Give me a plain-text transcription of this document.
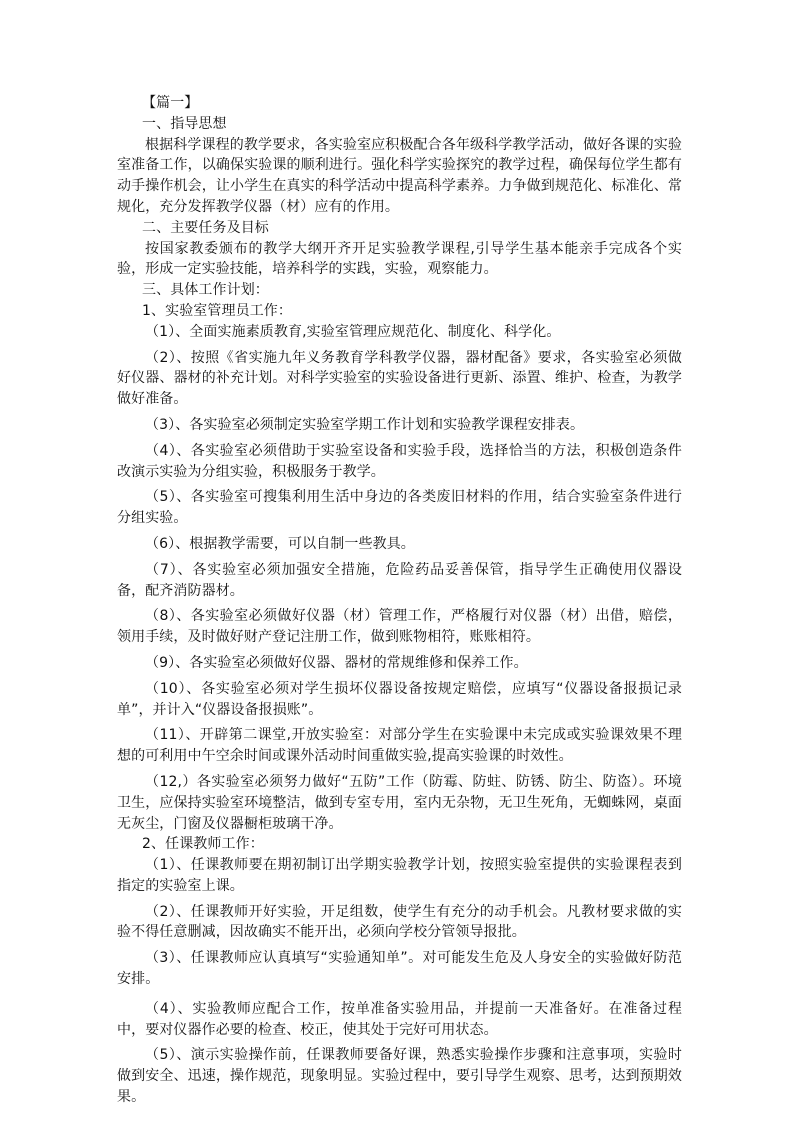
【篇一】

一、指导思想

根据科学课程的教学要求，各实验室应积极配合各年级科学教学活动，做好各课的实验室准备工作，以确保实验课的顺利进行。强化科学实验探究的教学过程，确保每位学生都有动手操作机会，让小学生在真实的科学活动中提高科学素养。力争做到规范化、标准化、常规化，充分发挥教学仪器（材）应有的作用。

二、主要任务及目标

按国家教委颁布的教学大纲开齐开足实验教学课程,引导学生基本能亲手完成各个实验，形成一定实验技能，培养科学的实践，实验，观察能力。

三、具体工作计划：

1、实验室管理员工作：

（1）、全面实施素质教育,实验室管理应规范化、制度化、科学化。

（2）、按照《省实施九年义务教育学科教学仪器，器材配备》要求，各实验室必须做好仪器、器材的补充计划。对科学实验室的实验设备进行更新、添置、维护、检查，为教学做好准备。

（3）、各实验室必须制定实验室学期工作计划和实验教学课程安排表。

（4）、各实验室必须借助于实验室设备和实验手段，选择恰当的方法，积极创造条件改演示实验为分组实验，积极服务于教学。

（5）、各实验室可搜集利用生活中身边的各类废旧材料的作用，结合实验室条件进行分组实验。

（6）、根据教学需要，可以自制一些教具。

（7）、各实验室必须加强安全措施，危险药品妥善保管，指导学生正确使用仪器设备，配齐消防器材。

（8）、各实验室必须做好仪器（材）管理工作，严格履行对仪器（材）出借，赔偿，领用手续，及时做好财产登记注册工作，做到账物相符，账账相符。

（9）、各实验室必须做好仪器、器材的常规维修和保养工作。

（10）、各实验室必须对学生损坏仪器设备按规定赔偿，应填写“仪器设备报损记录单”，并计入“仪器设备报损账”。

（11）、开辟第二课堂,开放实验室：对部分学生在实验课中未完成或实验课效果不理想的可利用中午空余时间或课外活动时间重做实验,提高实验课的时效性。

（12,）各实验室必须努力做好“五防”工作（防霉、防蛀、防锈、防尘、防盗）。环境卫生，应保持实验室环境整洁，做到专室专用，室内无杂物，无卫生死角，无蜘蛛网，桌面无灰尘，门窗及仪器橱柜玻璃干净。

2、任课教师工作：

（1）、任课教师要在期初制订出学期实验教学计划，按照实验室提供的实验课程表到指定的实验室上课。

（2）、任课教师开好实验，开足组数，使学生有充分的动手机会。凡教材要求做的实验不得任意删减，因故确实不能开出，必须向学校分管领导报批。

（3）、任课教师应认真填写“实验通知单”。对可能发生危及人身安全的实验做好防范安排。

（4）、实验教师应配合工作，按单准备实验用品，并提前一天准备好。在准备过程中，要对仪器作必要的检查、校正，使其处于完好可用状态。

（5）、演示实验操作前，任课教师要备好课，熟悉实验操作步骤和注意事项，实验时做到安全、迅速，操作规范，现象明显。实验过程中，要引导学生观察、思考，达到预期效果。
